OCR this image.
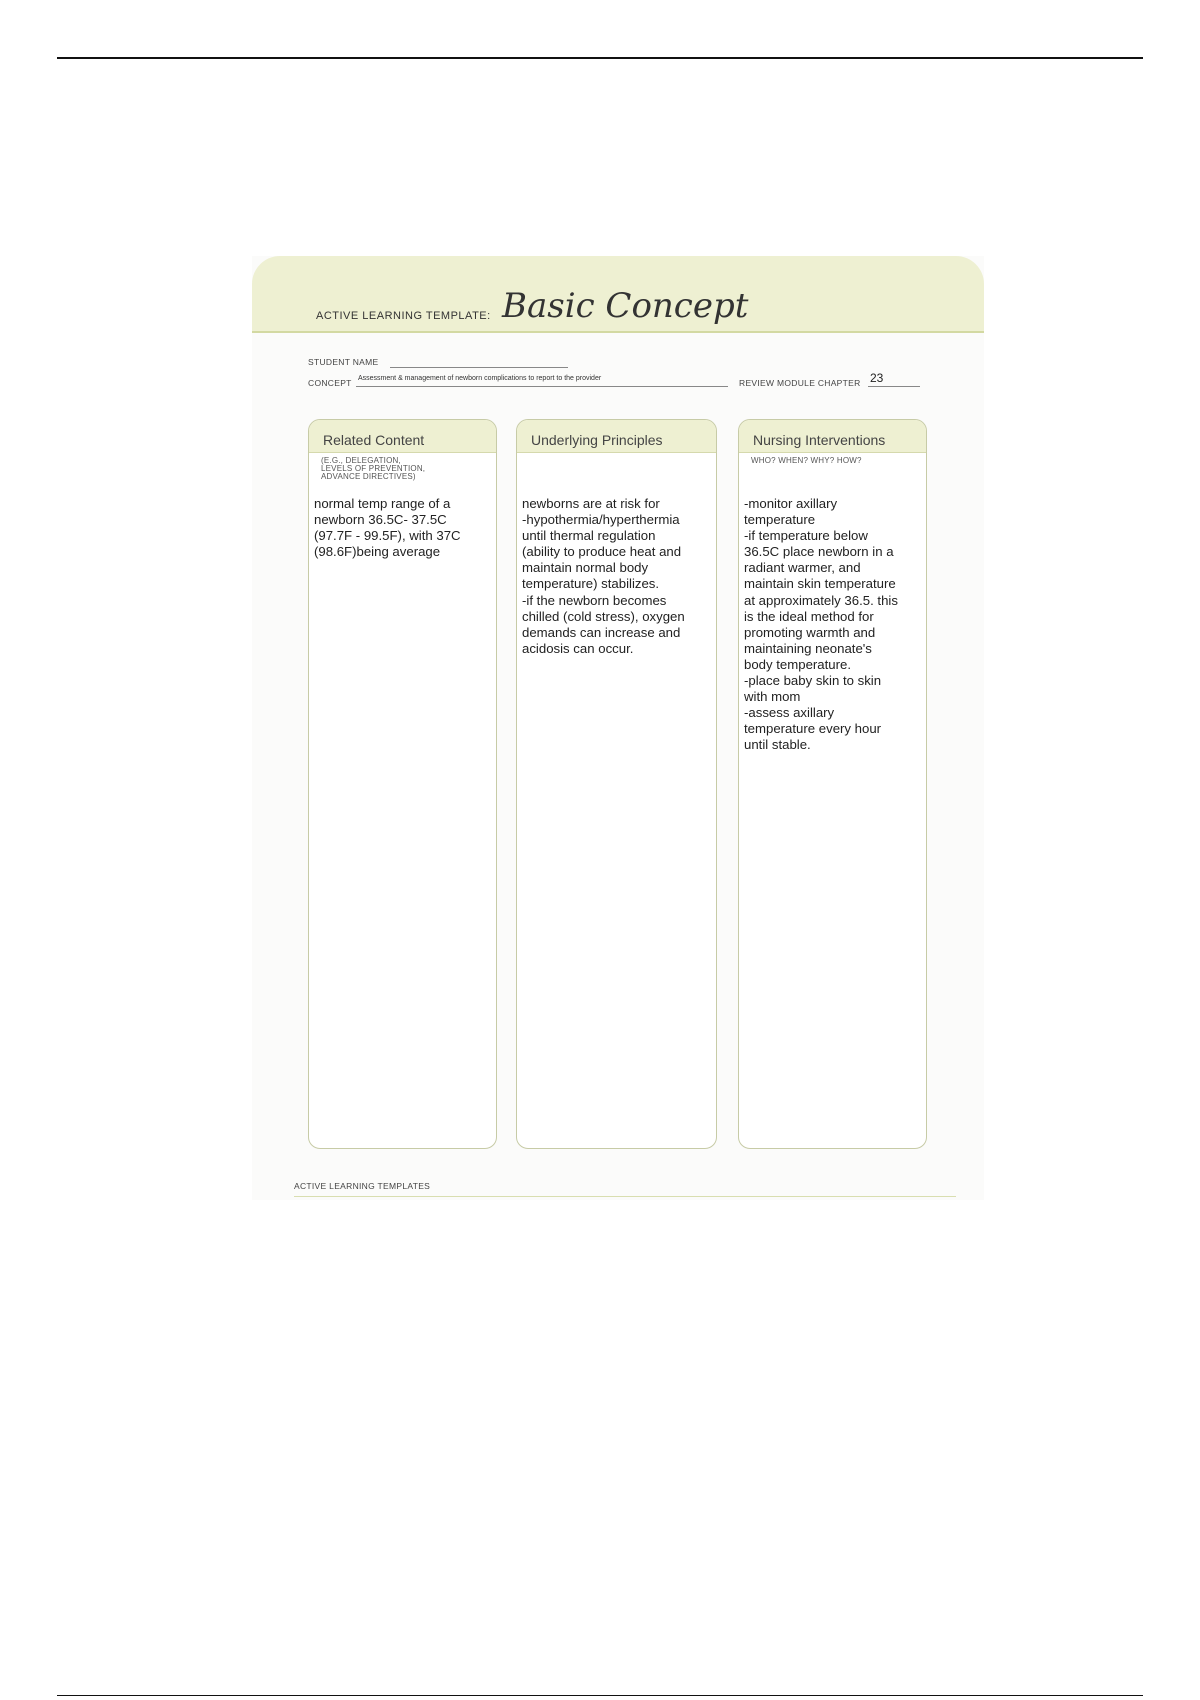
ACTIVE LEARNING TEMPLATE: Basic Concept
STUDENT NAME
CONCEPT Assessment & management of newborn complications to report to the provider	REVIEW MODULE CHAPTER 23
Related Content
(E.G., DELEGATION,
LEVELS OF PREVENTION,
ADVANCE DIRECTIVES)
normal temp range of a
newborn 36.5C- 37.5C
(97.7F - 99.5F), with 37C
(98.6F)being average
Underlying Principles
newborns are at risk for
-hypothermia/hyperthermia
until thermal regulation
(ability to produce heat and
maintain normal body
temperature) stabilizes.
-if the newborn becomes
chilled (cold stress), oxygen
demands can increase and
acidosis can occur.
Nursing Interventions
WHO? WHEN? WHY? HOW?
-monitor axillary
temperature
-if temperature below
36.5C place newborn in a
radiant warmer, and
maintain skin temperature
at approximately 36.5. this
is the ideal method for
promoting warmth and
maintaining neonate's
body temperature.
-place baby skin to skin
with mom
-assess axillary
temperature every hour
until stable.
ACTIVE LEARNING TEMPLATES
